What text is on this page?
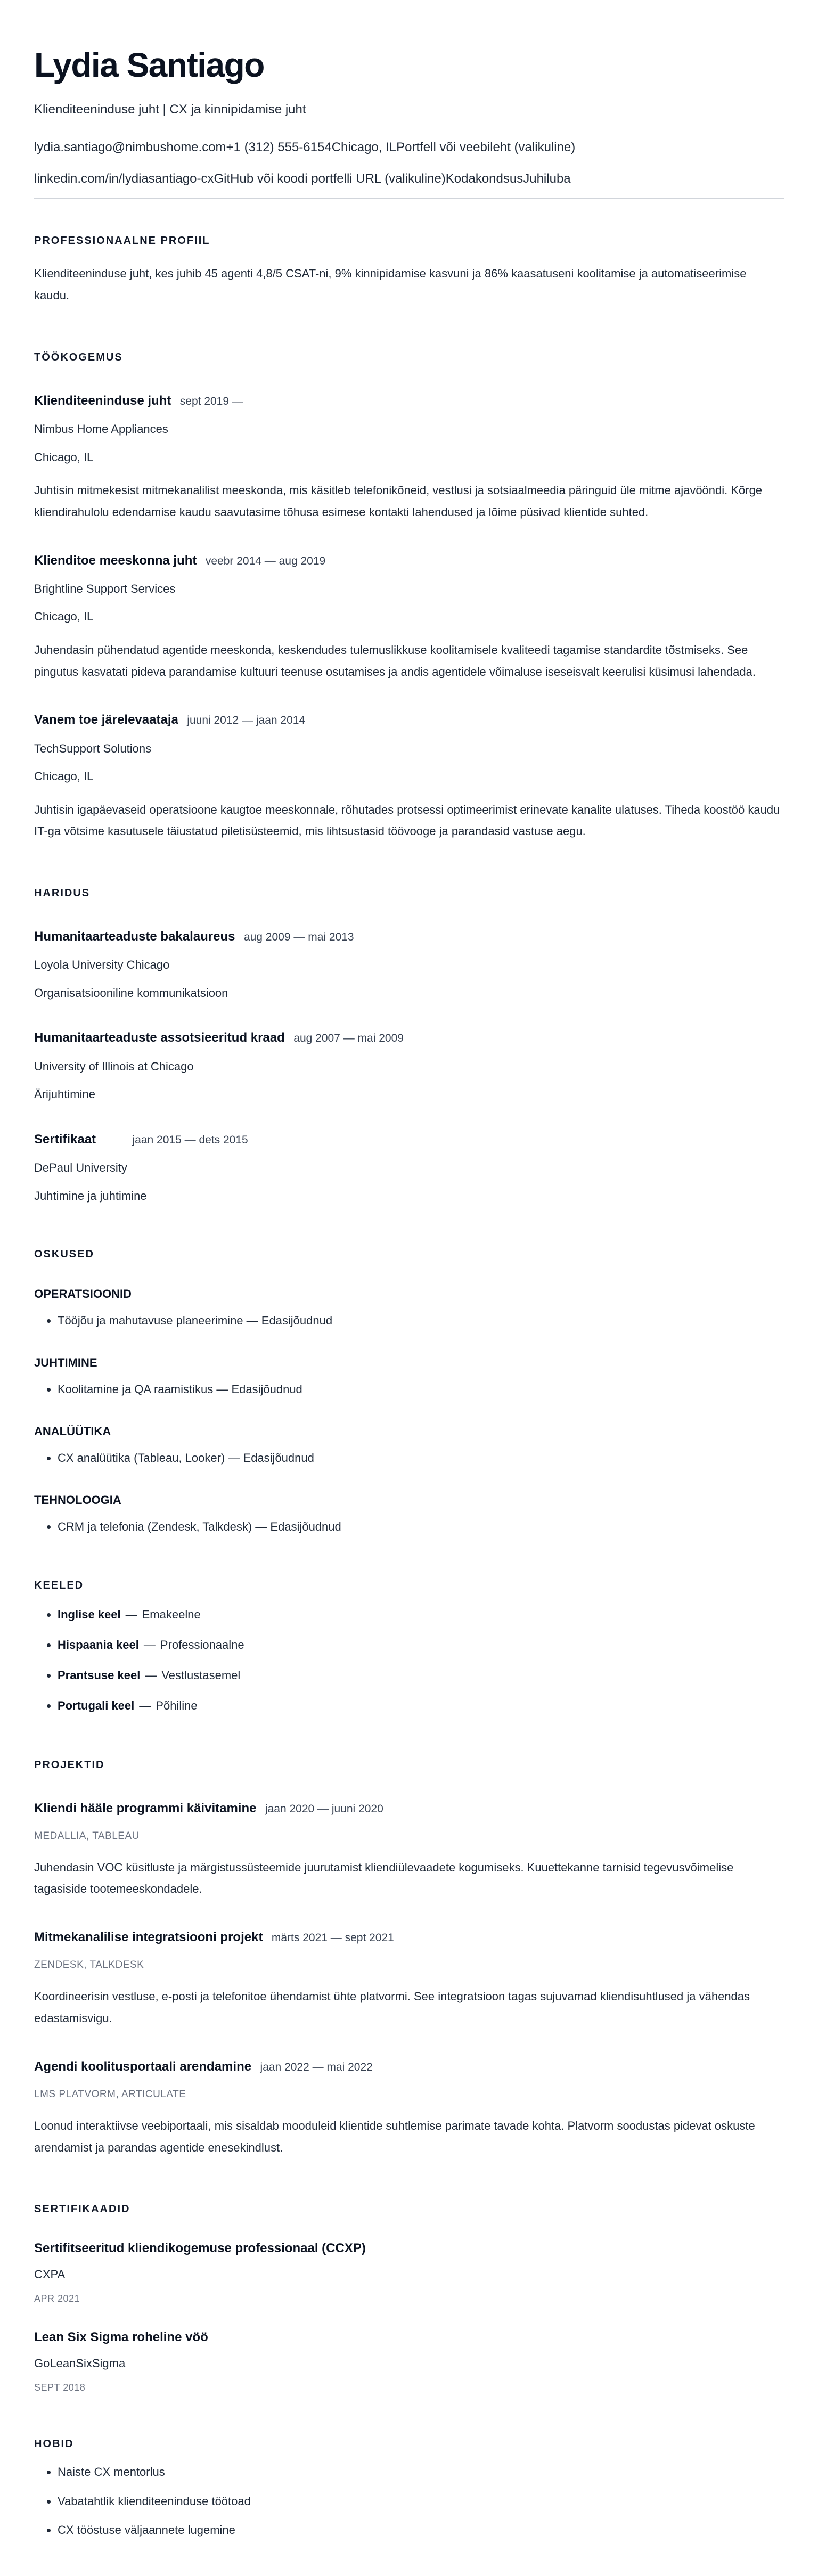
Lydia Santiago
Klienditeeninduse juht | CX ja kinnipidamise juht
lydia.santiago@nimbushome.com+1 (312) 555-6154Chicago, ILPortfell või veebileht (valikuline)
linkedin.com/in/lydiasantiago-cxGitHub või koodi portfelli URL (valikuline)KodakondsusJuhiluba
PROFESSIONAALNE PROFIIL

Klienditeeninduse juht, kes juhib 45 agenti 4,8/5 CSAT-ni, 9% kinnipidamise kasvuni ja 86% kaasatuseni koolitamise ja automatiseerimise kaudu.

TÖÖKOGEMUS
Klienditeeninduse juht sept 2019 —
Nimbus Home Appliances
Chicago, IL

Juhtisin mitmekesist mitmekanalilist meeskonda, mis käsitleb telefonikõneid, vestlusi ja sotsiaalmeedia päringuid üle mitme ajavööndi. Kõrge kliendirahulolu edendamise kaudu saavutasime tõhusa esimese kontakti lahendused ja lõime püsivad klientide suhted.

Klienditoe meeskonna juht veebr 2014 — aug 2019
Brightline Support Services
Chicago, IL

Juhendasin pühendatud agentide meeskonda, keskendudes tulemuslikkuse koolitamisele kvaliteedi tagamise standardite tõstmiseks. See pingutus kasvatati pideva parandamise kultuuri teenuse osutamises ja andis agentidele võimaluse iseseisvalt keerulisi küsimusi lahendada.

Vanem toe järelevaataja juuni 2012 — jaan 2014
TechSupport Solutions
Chicago, IL

Juhtisin igapäevaseid operatsioone kaugtoe meeskonnale, rõhutades protsessi optimeerimist erinevate kanalite ulatuses. Tiheda koostöö kaudu IT-ga võtsime kasutusele täiustatud piletisüsteemid, mis lihtsustasid töövooge ja parandasid vastuse aegu.

HARIDUS
Humanitaarteaduste bakalaureus aug 2009 — mai 2013
Loyola University Chicago
Organisatsiooniline kommunikatsioon
Humanitaarteaduste assotsieeritud kraad aug 2007 — mai 2009
University of Illinois at Chicago
Ärijuhtimine
Sertifikaat	jaan 2015 — dets 2015
DePaul University
Juhtimine ja juhtimine
OSKUSED
OPERATSIOONID
• Tööjõu ja mahutavuse planeerimine — Edasijõudnud
JUHTIMINE
• Koolitamine ja QA raamistikus — Edasijõudnud
ANALÜÜTIKA
• CX analüütika (Tableau, Looker) — Edasijõudnud
TEHNOLOOGIA
• CRM ja telefonia (Zendesk, Talkdesk) — Edasijõudnud
KEELED
• Inglise keel — Emakeelne
• Hispaania keel — Professionaalne
• Prantsuse keel — Vestlustasemel
• Portugali keel — Põhiline
PROJEKTID
Kliendi hääle programmi käivitamine jaan 2020 — juuni 2020
MEDALLIA, TABLEAU

Juhendasin VOC küsitluste ja märgistussüsteemide juurutamist kliendiülevaadete kogumiseks. Kuuettekanne tarnisid tegevusvõimelise tagasiside tootemeeskondadele.

Mitmekanalilise integratsiooni projekt märts 2021 — sept 2021
ZENDESK, TALKDESK

Koordineerisin vestluse, e-posti ja telefonitoe ühendamist ühte platvormi. See integratsioon tagas sujuvamad kliendisuhtlused ja vähendas edastamisvigu.

Agendi koolitusportaali arendamine jaan 2022 — mai 2022
LMS PLATVORM, ARTICULATE

Loonud interaktiivse veebiportaali, mis sisaldab mooduleid klientide suhtlemise parimate tavade kohta. Platvorm soodustas pidevat oskuste arendamist ja parandas agentide enesekindlust.

SERTIFIKAADID
Sertifitseeritud kliendikogemuse professionaal (CCXP)
CXPA
APR 2021
Lean Six Sigma roheline vöö
GoLeanSixSigma
SEPT 2018
HOBID
• Naiste CX mentorlus
• Vabatahtlik klienditeeninduse töötoad
• CX tööstuse väljaannete lugemine
